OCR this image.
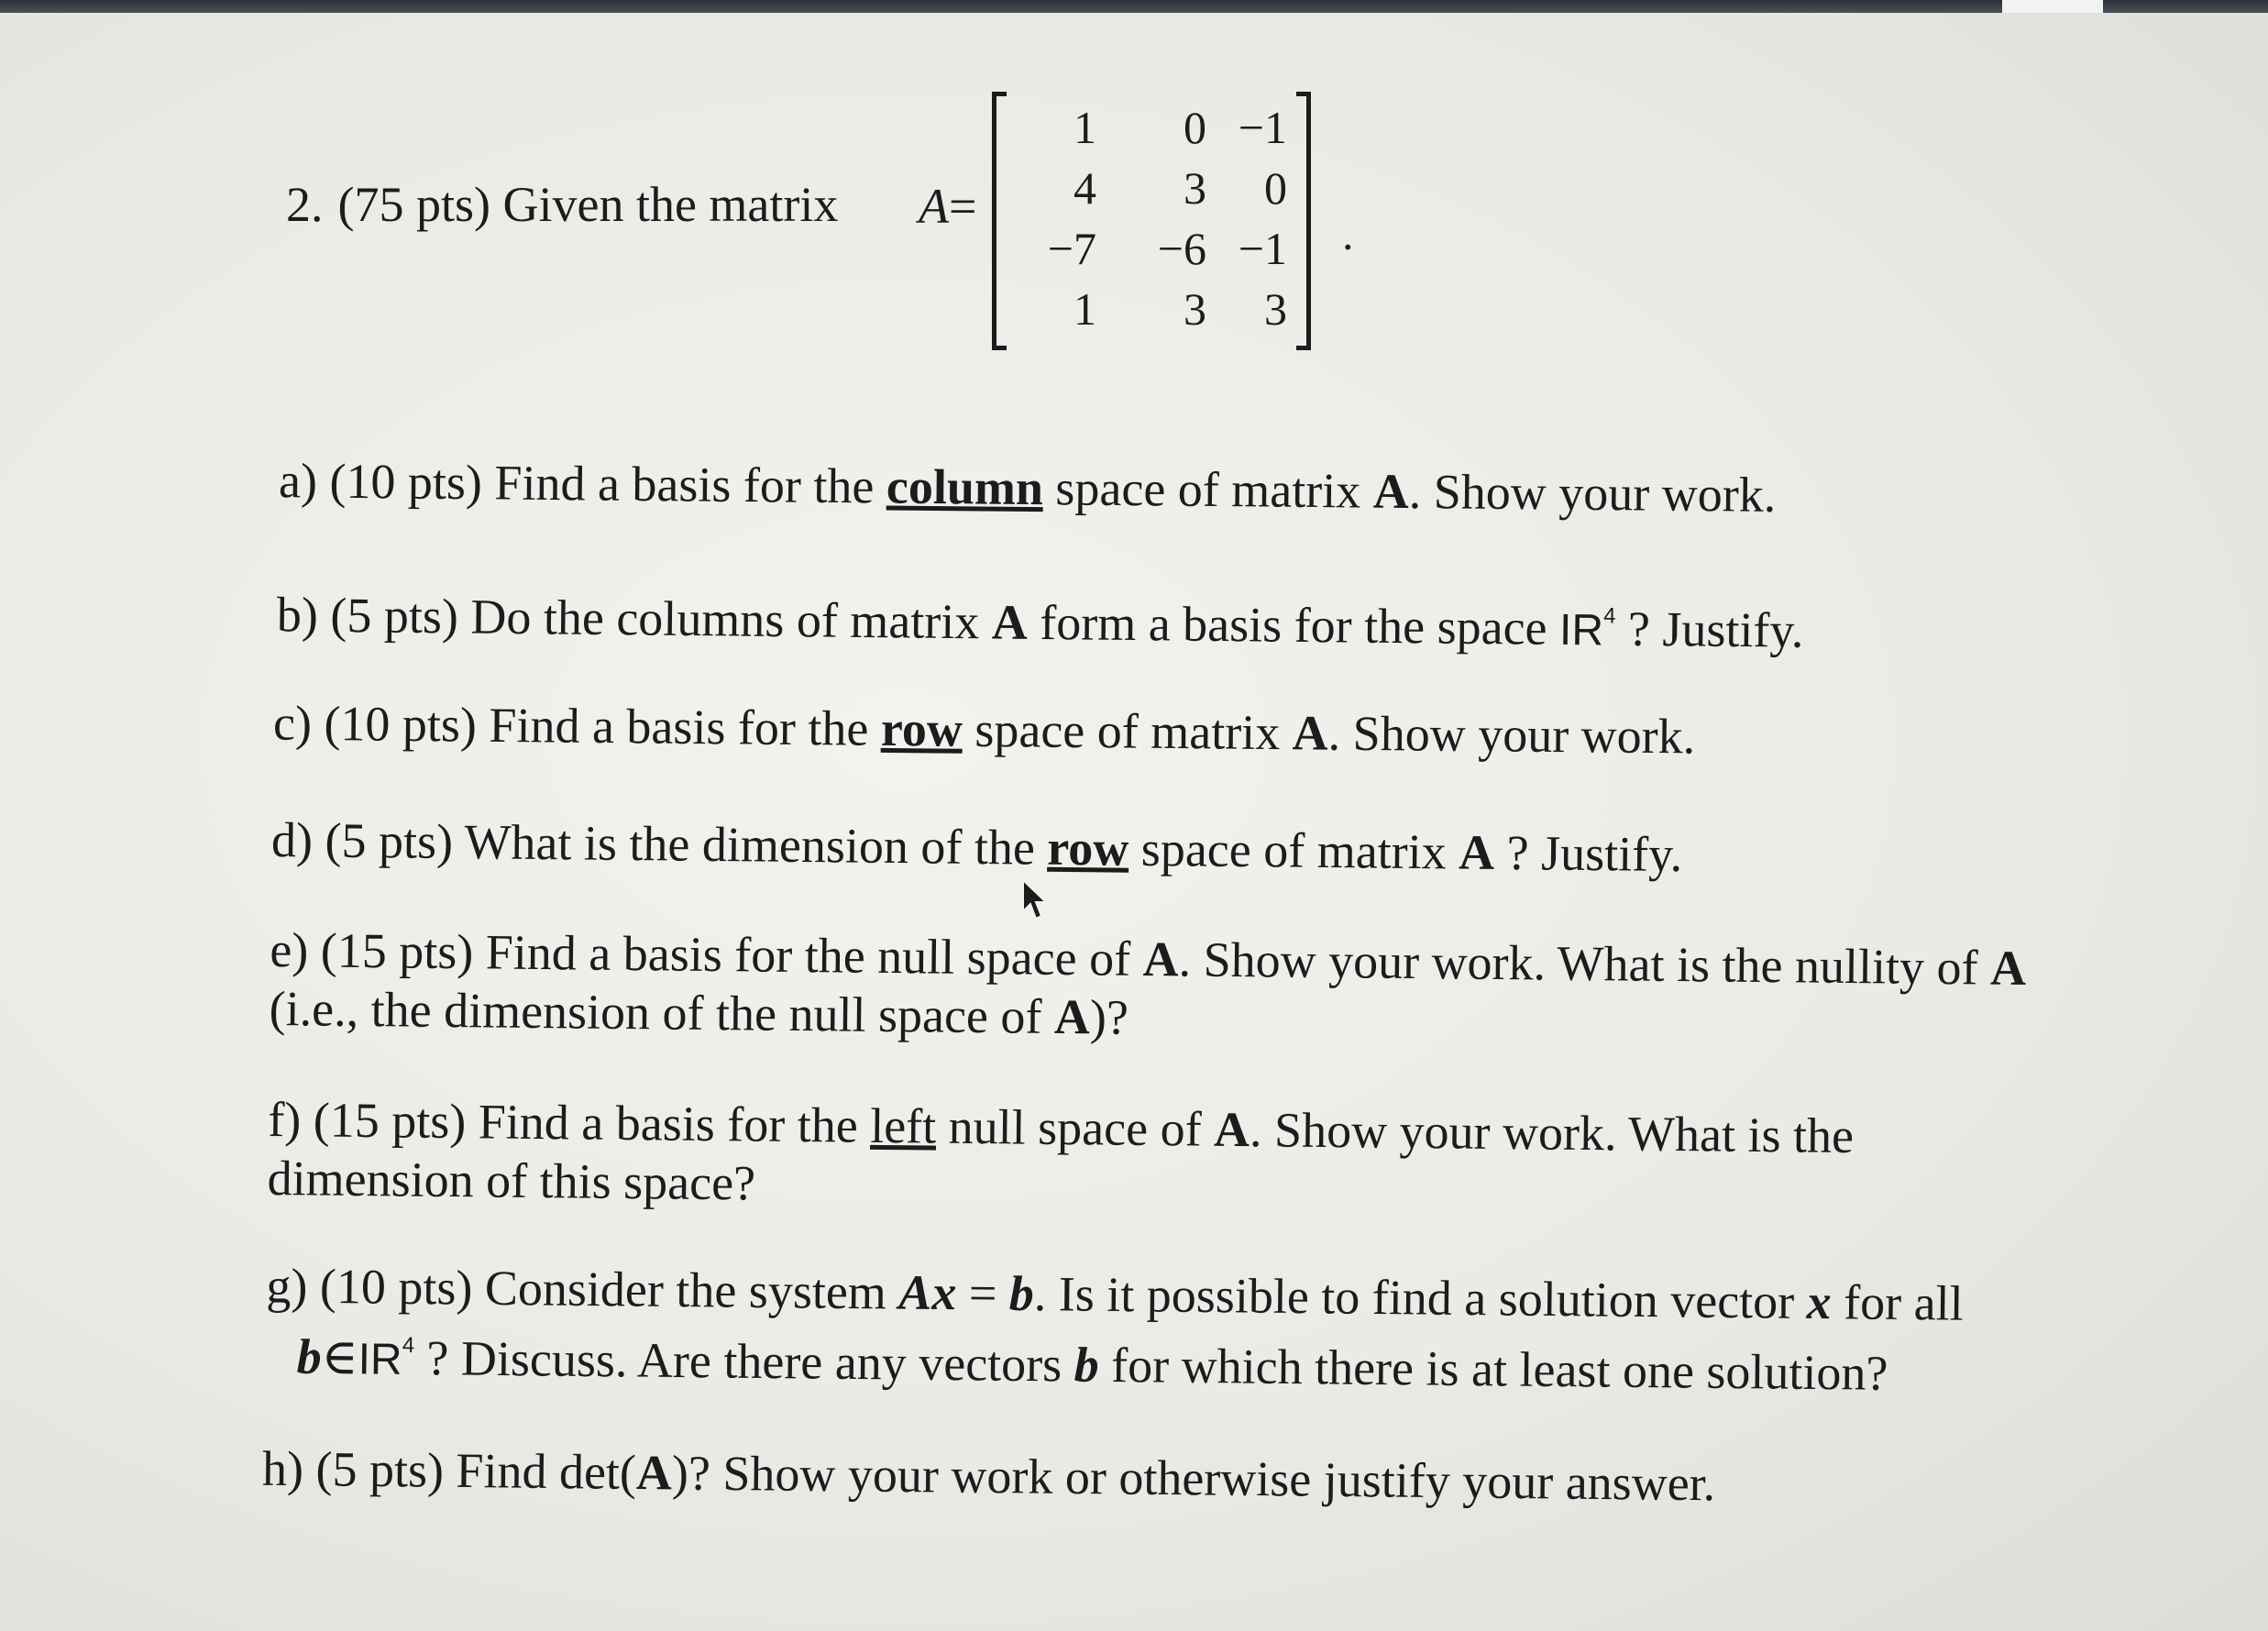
2. (75 pts) Given the matrix A=
1	0 −1
4	3	0
−7	−6 −1
1	3	3
.
a) (10 pts) Find a basis for the column space of matrix A. Show your work.
b) (5 pts) Do the columns of matrix A form a basis for the space $IR^4$ ? Justify.
c) (10 pts) Find a basis for the row space of matrix A. Show your work.
d) (5 pts) What is the dimension of the row space of matrix A ? Justify.
e) (15 pts) Find a basis for the null space of A. Show your work. What is the nullity of A
(i.e., the dimension of the null space of A)?
f) (15 pts) Find a basis for the left null space of A. Show your work. What is the
dimension of this space?
g) (10 pts) Consider the system Ax = b. Is it possible to find a solution vector x for all
$b\in IR^4$ ? Discuss. Are there any vectors b for which there is at least one solution?
h) (5 pts) Find det(A)? Show your work or otherwise justify your answer.
